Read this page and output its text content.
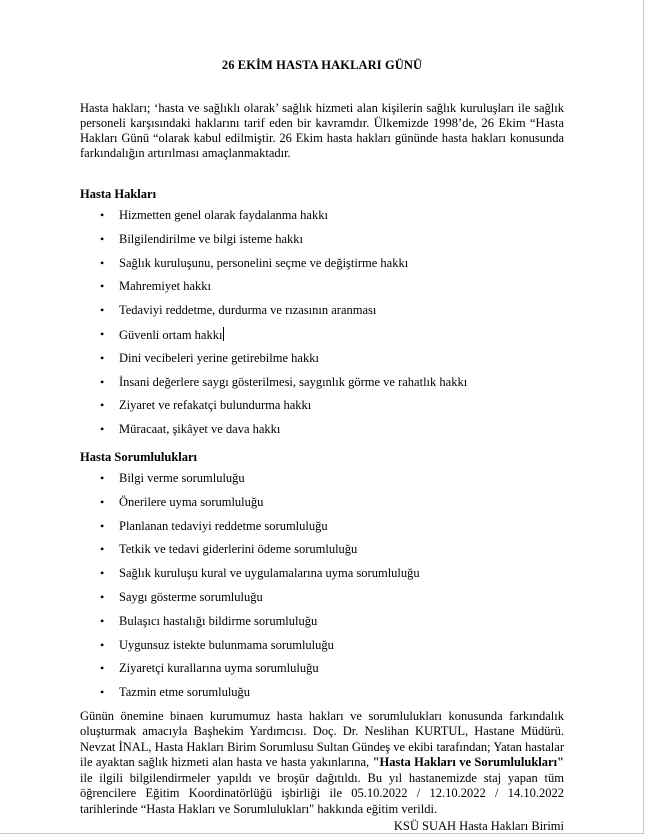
26 EKİM HASTA HAKLARI GÜNÜ

Hasta hakları; ‘hasta ve sağlıklı olarak’ sağlık hizmeti alan kişilerin sağlık kuruluşları ile sağlık personeli karşısındaki haklarını tarif eden bir kavramdır. Ülkemizde 1998’de, 26 Ekim “Hasta Hakları Günü “olarak kabul edilmiştir. 26 Ekim hasta hakları gününde hasta hakları konusunda farkındalığın artırılması amaçlanmaktadır.

Hasta Hakları
• Hizmetten genel olarak faydalanma hakkı
• Bilgilendirilme ve bilgi isteme hakkı
• Sağlık kuruluşunu, personelini seçme ve değiştirme hakkı
• Mahremiyet hakkı
• Tedaviyi reddetme, durdurma ve rızasının aranması
• Güvenli ortam hakkı
• Dini vecibeleri yerine getirebilme hakkı
• İnsani değerlere saygı gösterilmesi, saygınlık görme ve rahatlık hakkı
• Ziyaret ve refakatçi bulundurma hakkı
• Müracaat, şikâyet ve dava hakkı
Hasta Sorumlulukları
• Bilgi verme sorumluluğu
• Önerilere uyma sorumluluğu
• Planlanan tedaviyi reddetme sorumluluğu
• Tetkik ve tedavi giderlerini ödeme sorumluluğu
• Sağlık kuruluşu kural ve uygulamalarına uyma sorumluluğu
• Saygı gösterme sorumluluğu
• Bulaşıcı hastalığı bildirme sorumluluğu
• Uygunsuz istekte bulunmama sorumluluğu
• Ziyaretçi kurallarına uyma sorumluluğu
• Tazmin etme sorumluluğu

Günün önemine binaen kurumumuz hasta hakları ve sorumlulukları konusunda farkındalık oluşturmak amacıyla Başhekim Yardımcısı. Doç. Dr. Neslihan KURTUL, Hastane Müdürü. Nevzat İNAL, Hasta Hakları Birim Sorumlusu Sultan Gündeş ve ekibi tarafından; Yatan hastalar ile ayaktan sağlık hizmeti alan hasta ve hasta yakınlarına, "Hasta Hakları ve Sorumlulukları" ile ilgili bilgilendirmeler yapıldı ve broşür dağıtıldı. Bu yıl hastanemizde staj yapan tüm öğrencilere Eğitim Koordinatörlüğü işbirliği ile 05.10.2022 / 12.10.2022 / 14.10.2022 tarihlerinde “Hasta Hakları ve Sorumlulukları" hakkında eğitim verildi.

KSÜ SUAH Hasta Hakları Birimi
